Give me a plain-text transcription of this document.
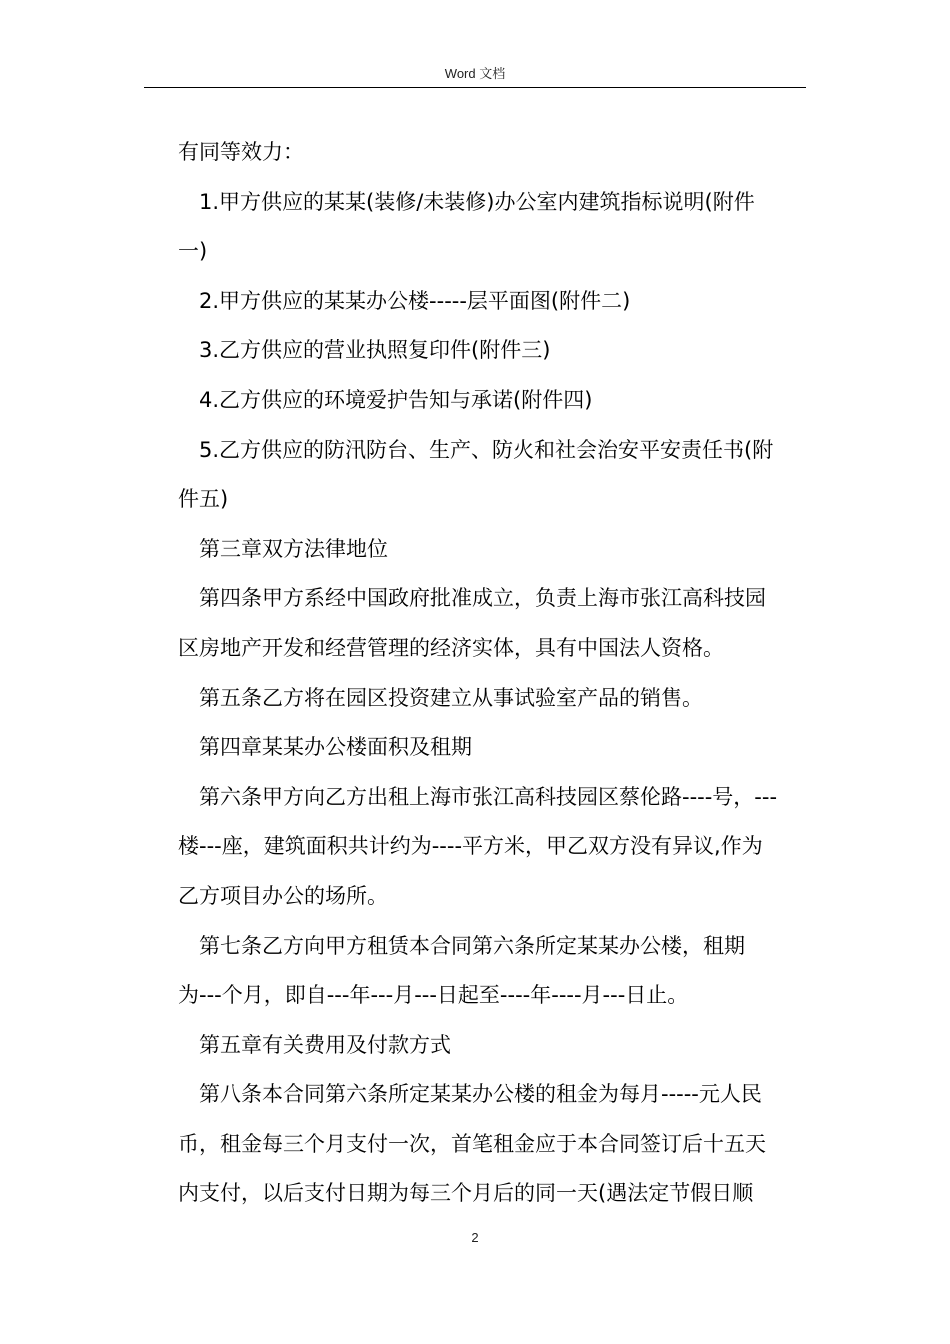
Word 文档

有同等效力：

1.甲方供应的某某(装修/未装修)办公室内建筑指标说明(附件

一)

2.甲方供应的某某办公楼-----层平面图(附件二)

3.乙方供应的营业执照复印件(附件三)

4.乙方供应的环境爱护告知与承诺(附件四)

5.乙方供应的防汛防台、生产、防火和社会治安平安责任书(附

件五)

第三章双方法律地位

第四条甲方系经中国政府批准成立，负责上海市张江高科技园

区房地产开发和经营管理的经济实体，具有中国法人资格。

第五条乙方将在园区投资建立从事试验室产品的销售。

第四章某某办公楼面积及租期

第六条甲方向乙方出租上海市张江高科技园区蔡伦路----号，---

楼---座，建筑面积共计约为----平方米，甲乙双方没有异议,作为

乙方项目办公的场所。

第七条乙方向甲方租赁本合同第六条所定某某办公楼，租期

为---个月，即自---年---月---日起至----年----月---日止。

第五章有关费用及付款方式

第八条本合同第六条所定某某办公楼的租金为每月-----元人民

币，租金每三个月支付一次，首笔租金应于本合同签订后十五天

内支付，以后支付日期为每三个月后的同一天(遇法定节假日顺

2
